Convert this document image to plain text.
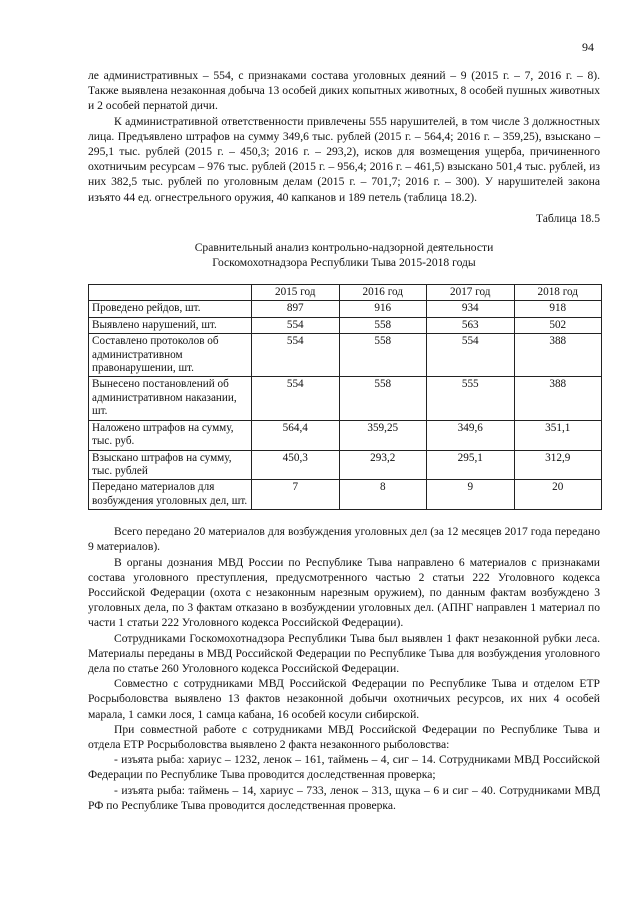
94

ле административных – 554, с признаками состава уголовных деяний – 9 (2015 г. – 7, 2016 г. – 8). Также выявлена незаконная добыча 13 особей диких копытных животных, 8 особей пушных животных и 2 особей пернатой дичи.

К административной ответственности привлечены 555 нарушителей, в том числе 3 должностных лица. Предъявлено штрафов на сумму 349,6 тыс. рублей (2015 г. – 564,4; 2016 г. – 359,25), взыскано – 295,1 тыс. рублей (2015 г. – 450,3; 2016 г. – 293,2), исков для возмещения ущерба, причиненного охотничьим ресурсам – 976 тыс. рублей (2015 г. – 956,4; 2016 г. – 461,5) взыскано 501,4 тыс. рублей, из них 382,5 тыс. рублей по уголовным делам (2015 г. – 701,7; 2016 г. – 300). У нарушителей закона изъято 44 ед. огнестрельного оружия, 40 капканов и 189 петель (таблица 18.2).

Таблица 18.5
Сравнительный анализ контрольно-надзорной деятельности
Госкомохотнадзора Республики Тыва 2015-2018 годы
	2015 год	2016 год	2017 год	2018 год
Проведено рейдов, шт.	897	916	934	918
Выявлено нарушений, шт.	554	558	563	502
Составлено протоколов об административном правонарушении, шт.	554	558	554	388
Вынесено постановлений об административном наказании, шт.	554	558	555	388
Наложено штрафов на сумму, тыс. руб.	564,4	359,25	349,6	351,1
Взыскано штрафов на сумму, тыс. рублей	450,3	293,2	295,1	312,9
Передано материалов для возбуждения уголовных дел, шт.	7	8	9	20

Всего передано 20 материалов для возбуждения уголовных дел (за 12 месяцев 2017 года передано 9 материалов).

В органы дознания МВД России по Республике Тыва направлено 6 материалов с признаками состава уголовного преступления, предусмотренного частью 2 статьи 222 Уголовного кодекса Российской Федерации (охота с незаконным нарезным оружием), по данным фактам возбуждено 3 уголовных дела, по 3 фактам отказано в возбуждении уголовных дел. (АПНГ направлен 1 материал по части 1 статьи 222 Уголовного кодекса Российской Федерации).

Сотрудниками Госкомохотнадзора Республики Тыва был выявлен 1 факт незаконной рубки леса. Материалы переданы в МВД Российской Федерации по Республике Тыва для возбуждения уголовного дела по статье 260 Уголовного кодекса Российской Федерации.

Совместно с сотрудниками МВД Российской Федерации по Республике Тыва и отделом ЕТР Росрыболовства выявлено 13 фактов незаконной добычи охотничьих ресурсов, их них 4 особей марала, 1 самки лося, 1 самца кабана, 16 особей косули сибирской.

При совместной работе с сотрудниками МВД Российской Федерации по Республике Тыва и отдела ЕТР Росрыболовства выявлено 2 факта незаконного рыболовства:

- изъята рыба: хариус – 1232, ленок – 161, таймень – 4, сиг – 14. Сотрудниками МВД Российской Федерации по Республике Тыва проводится доследственная проверка;

- изъята рыба: таймень – 14, хариус – 733, ленок – 313, щука – 6 и сиг – 40. Сотрудниками МВД РФ по Республике Тыва проводится доследственная проверка.
